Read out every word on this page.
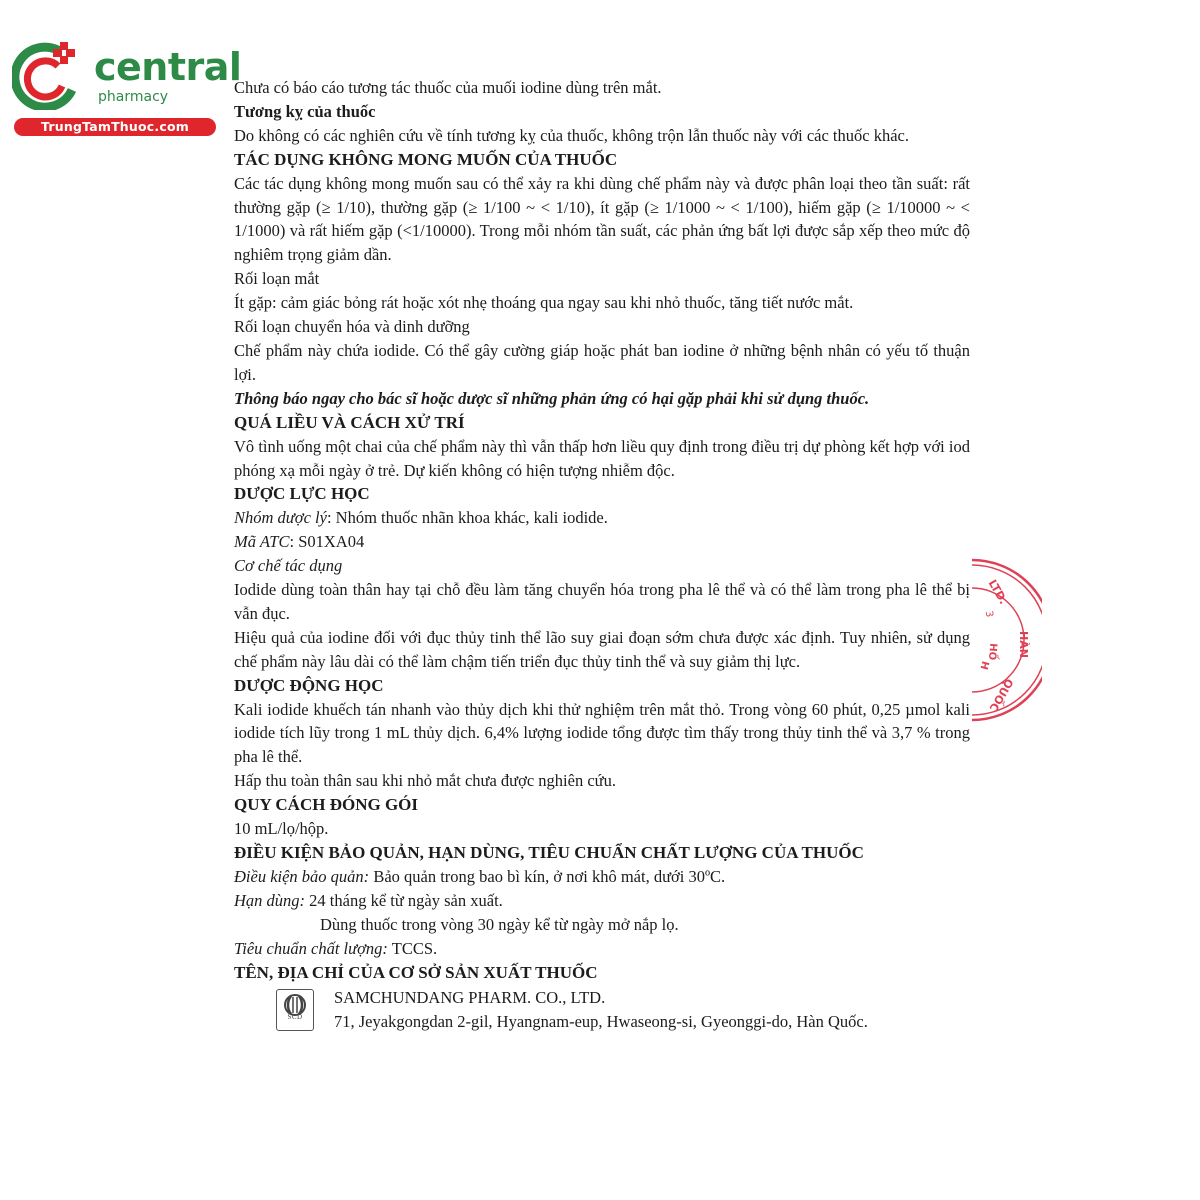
central
pharmacy
TrungTamThuoc.com

Chưa có báo cáo tương tác thuốc của muối iodine dùng trên mắt.

Tương kỵ của thuốc

Do không có các nghiên cứu về tính tương kỵ của thuốc, không trộn lẫn thuốc này với các thuốc khác.

TÁC DỤNG KHÔNG MONG MUỐN CỦA THUỐC

Các tác dụng không mong muốn sau có thể xảy ra khi dùng chế phẩm này và được phân loại theo tần suất: rất thường gặp (≥ 1/10), thường gặp (≥ 1/100 ~ < 1/10), ít gặp (≥ 1/1000 ~ < 1/100), hiếm gặp (≥ 1/10000 ~ < 1/1000) và rất hiếm gặp (<1/10000). Trong mỗi nhóm tần suất, các phản ứng bất lợi được sắp xếp theo mức độ nghiêm trọng giảm dần.

Rối loạn mắt

Ít gặp: cảm giác bỏng rát hoặc xót nhẹ thoáng qua ngay sau khi nhỏ thuốc, tăng tiết nước mắt.

Rối loạn chuyển hóa và dinh dưỡng

Chế phẩm này chứa iodide. Có thể gây cường giáp hoặc phát ban iodine ở những bệnh nhân có yếu tố thuận lợi.

Thông báo ngay cho bác sĩ hoặc dược sĩ những phản ứng có hại gặp phải khi sử dụng thuốc.

QUÁ LIỀU VÀ CÁCH XỬ TRÍ

Vô tình uống một chai của chế phẩm này thì vẫn thấp hơn liều quy định trong điều trị dự phòng kết hợp với iod phóng xạ mỗi ngày ở trẻ. Dự kiến không có hiện tượng nhiễm độc.

DƯỢC LỰC HỌC

Nhóm dược lý: Nhóm thuốc nhãn khoa khác, kali iodide.

Mã ATC: S01XA04

Cơ chế tác dụng

Iodide dùng toàn thân hay tại chỗ đều làm tăng chuyển hóa trong pha lê thể và có thể làm trong pha lê thể bị vẫn đục.

Hiệu quả của iodine đối với đục thủy tinh thể lão suy giai đoạn sớm chưa được xác định. Tuy nhiên, sử dụng chế phẩm này lâu dài có thể làm chậm tiến triển đục thủy tinh thể và suy giảm thị lực.

DƯỢC ĐỘNG HỌC

Kali iodide khuếch tán nhanh vào thủy dịch khi thử nghiệm trên mắt thỏ. Trong vòng 60 phút, 0,25 µmol kali iodide tích lũy trong 1 mL thủy dịch. 6,4% lượng iodide tổng được tìm thấy trong thủy tinh thể và 3,7 % trong pha lê thể.

Hấp thu toàn thân sau khi nhỏ mắt chưa được nghiên cứu.

QUY CÁCH ĐÓNG GÓI

10 mL/lọ/hộp.

ĐIỀU KIỆN BẢO QUẢN, HẠN DÙNG, TIÊU CHUẨN CHẤT LƯỢNG CỦA THUỐC

Điều kiện bảo quản: Bảo quản trong bao bì kín, ở nơi khô mát, dưới 30ºC.

Hạn dùng: 24 tháng kể từ ngày sản xuất.

Dùng thuốc trong vòng 30 ngày kể từ ngày mở nắp lọ.

Tiêu chuẩn chất lượng: TCCS.

TÊN, ĐỊA CHỈ CỦA CƠ SỞ SẢN XUẤT THUỐC

SCD

SAMCHUNDANG PHARM. CO., LTD.

71, Jeyakgongdan 2-gil, Hyangnam-eup, Hwaseong-si, Gyeonggi-do, Hàn Quốc.

LTD.
HÀN
QUỐC
3
HỐ
H
